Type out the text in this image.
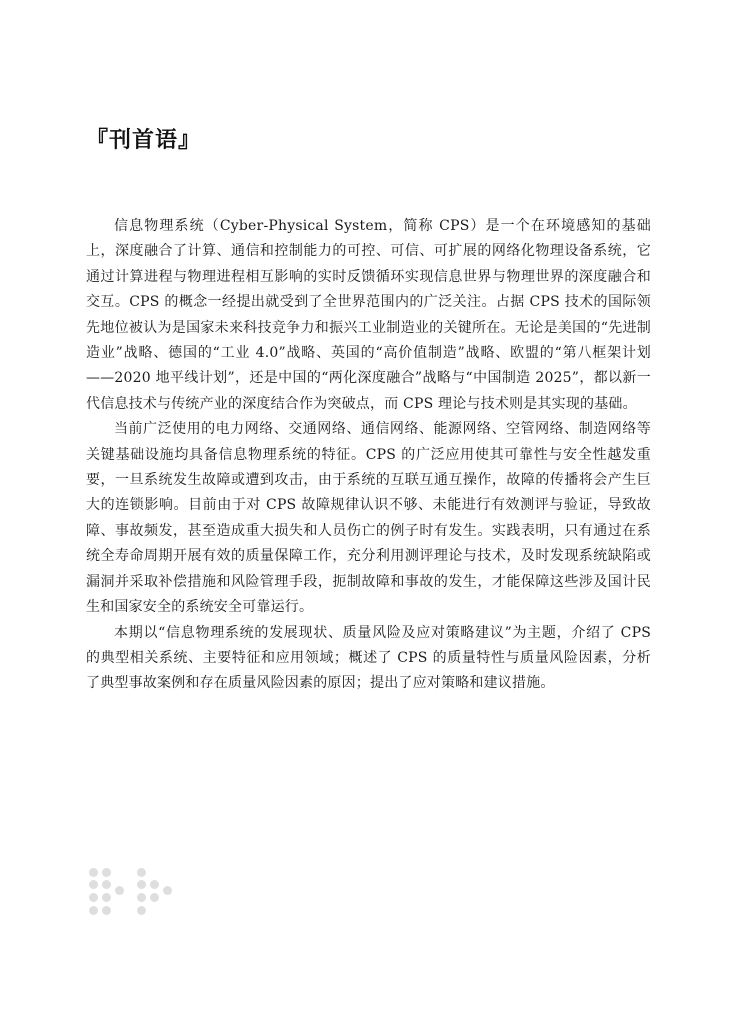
『刊首语』

信息物理系统（Cyber-Physical System，简称 CPS）是一个在环境感知的基础上，深度融合了计算、通信和控制能力的可控、可信、可扩展的网络化物理设备系统，它通过计算进程与物理进程相互影响的实时反馈循环实现信息世界与物理世界的深度融合和交互。CPS 的概念一经提出就受到了全世界范围内的广泛关注。占据 CPS 技术的国际领先地位被认为是国家未来科技竞争力和振兴工业制造业的关键所在。无论是美国的“先进制造业”战略、德国的“工业 4.0”战略、英国的“高价值制造”战略、欧盟的“第八框架计划——2020 地平线计划”，还是中国的“两化深度融合”战略与“中国制造 2025”，都以新一代信息技术与传统产业的深度结合作为突破点，而 CPS 理论与技术则是其实现的基础。

当前广泛使用的电力网络、交通网络、通信网络、能源网络、空管网络、制造网络等关键基础设施均具备信息物理系统的特征。CPS 的广泛应用使其可靠性与安全性越发重要，一旦系统发生故障或遭到攻击，由于系统的互联互通互操作，故障的传播将会产生巨大的连锁影响。目前由于对 CPS 故障规律认识不够、未能进行有效测评与验证，导致故障、事故频发，甚至造成重大损失和人员伤亡的例子时有发生。实践表明，只有通过在系统全寿命周期开展有效的质量保障工作，充分利用测评理论与技术，及时发现系统缺陷或漏洞并采取补偿措施和风险管理手段，扼制故障和事故的发生，才能保障这些涉及国计民生和国家安全的系统安全可靠运行。

本期以“信息物理系统的发展现状、质量风险及应对策略建议”为主题，介绍了 CPS 的典型相关系统、主要特征和应用领域；概述了 CPS 的质量特性与质量风险因素，分析了典型事故案例和存在质量风险因素的原因；提出了应对策略和建议措施。
